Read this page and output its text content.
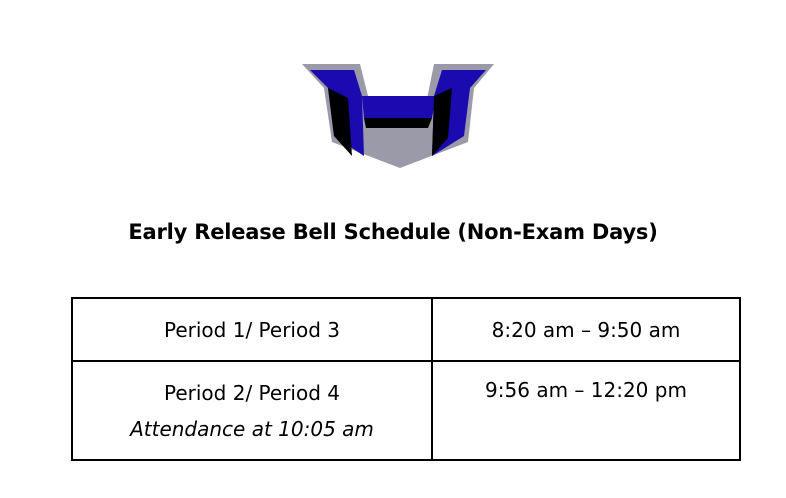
Early Release Bell Schedule (Non-Exam Days)
Period 1/ Period 3	8:20 am – 9:50 am

Period 2/ Period 4
Attendance at 10:05 am	9:56 am – 12:20 pm
